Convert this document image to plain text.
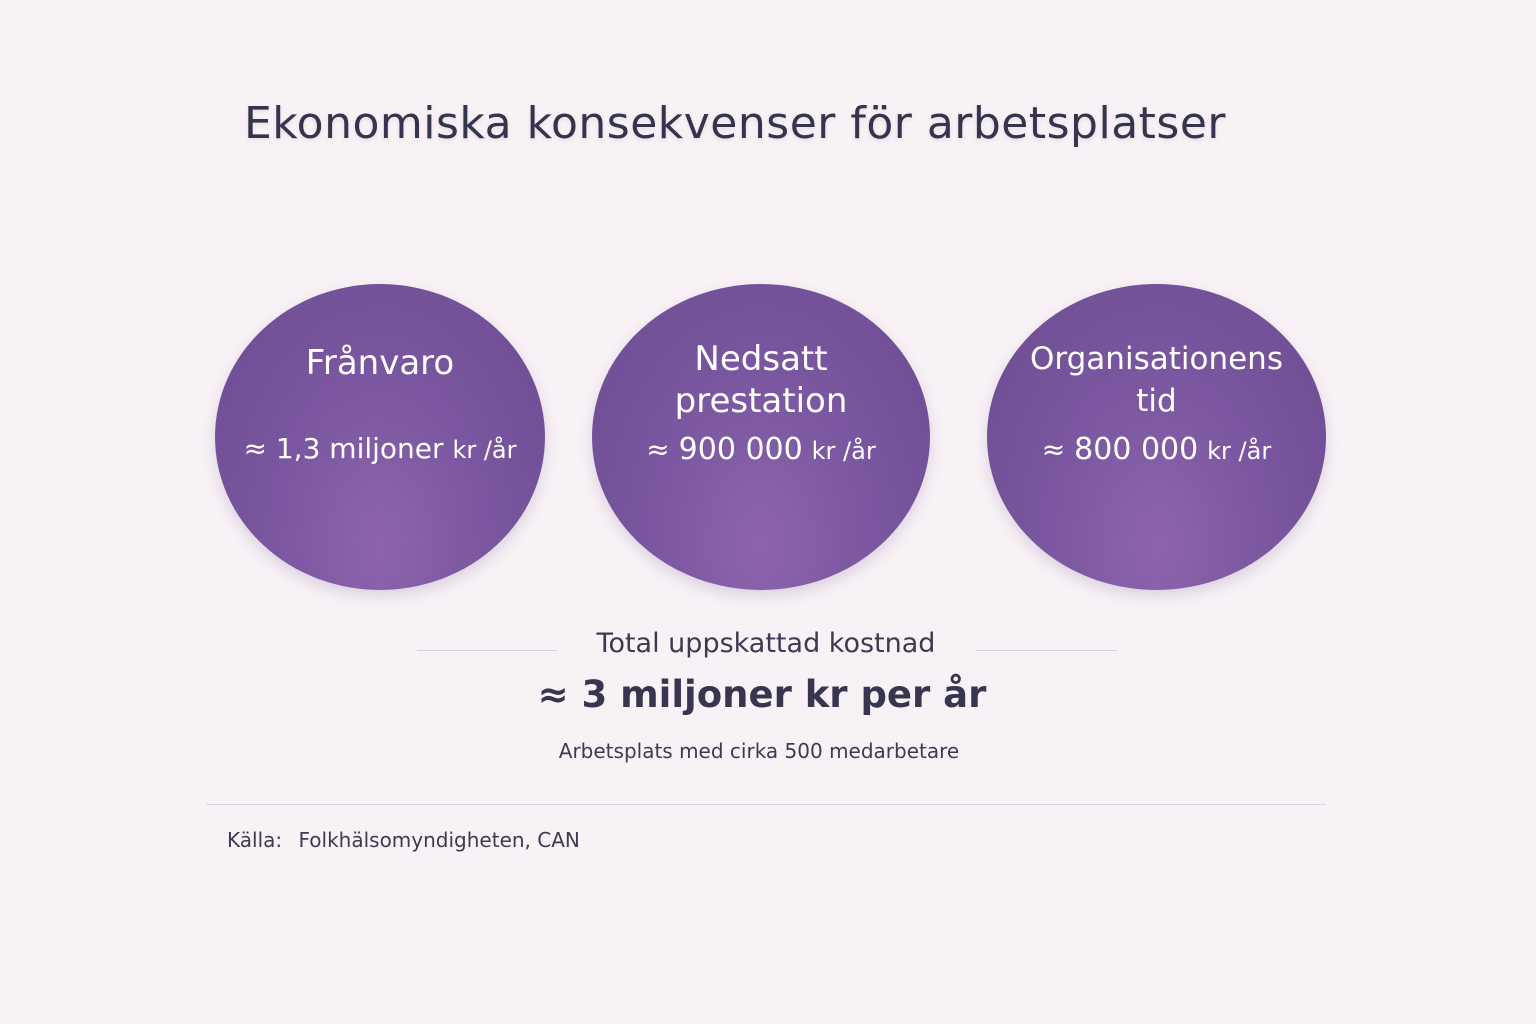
Ekonomiska konsekvenser för arbetsplatser
Frånvaro
≈ 1,3 miljoner kr /år
Nedsatt
prestation
≈ 900 000 kr /år
Organisationens
tid
≈ 800 000 kr /år
Total uppskattad kostnad
≈ 3 miljoner kr per år
Arbetsplats med cirka 500 medarbetare
Källa: Folkhälsomyndigheten, CAN
